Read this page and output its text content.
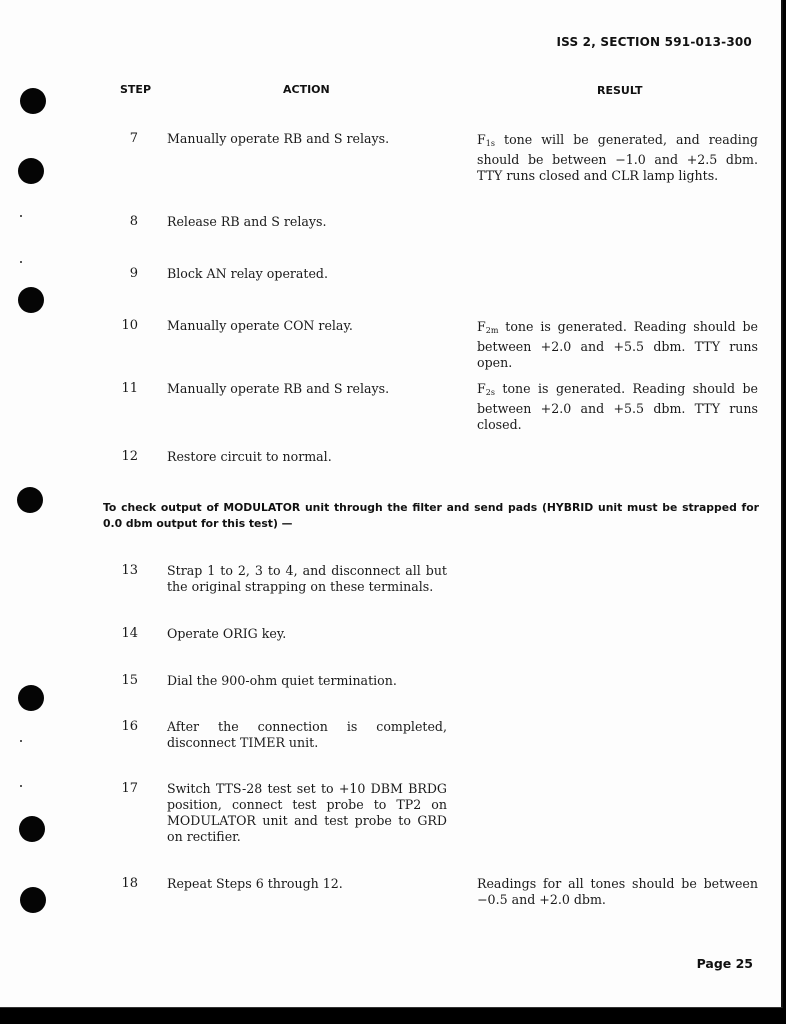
ISS 2, SECTION 591-013-300
STEP	ACTION	RESULT
7 Manually operate RB and S relays.	$F_{1s}$ tone will be generated, and reading should be between −1.0 and +2.5 dbm. TTY runs closed and CLR lamp lights.
8 Release RB and S relays.
9 Block AN relay operated.
10 Manually operate CON relay.	$F_{2m}$ tone is generated. Reading should be between +2.0 and +5.5 dbm. TTY runs open.
11 Manually operate RB and S relays.	$F_{2s}$ tone is generated. Reading should be between +2.0 and +5.5 dbm. TTY runs closed.
12 Restore circuit to normal.
To check output of MODULATOR unit through the filter and send pads (HYBRID unit must be strapped for 0.0 dbm output for this test) —
13 Strap 1 to 2, 3 to 4, and disconnect all but the original strapping on these terminals.
14 Operate ORIG key.
15 Dial the 900-ohm quiet termination.
16 After the connection is completed, disconnect TIMER unit.
17 Switch TTS-28 test set to +10 DBM BRDG position, connect test probe to TP2 on MODULATOR unit and test probe to GRD on rectifier.
18 Repeat Steps 6 through 12.	Readings for all tones should be between −0.5 and +2.0 dbm.
Page 25
